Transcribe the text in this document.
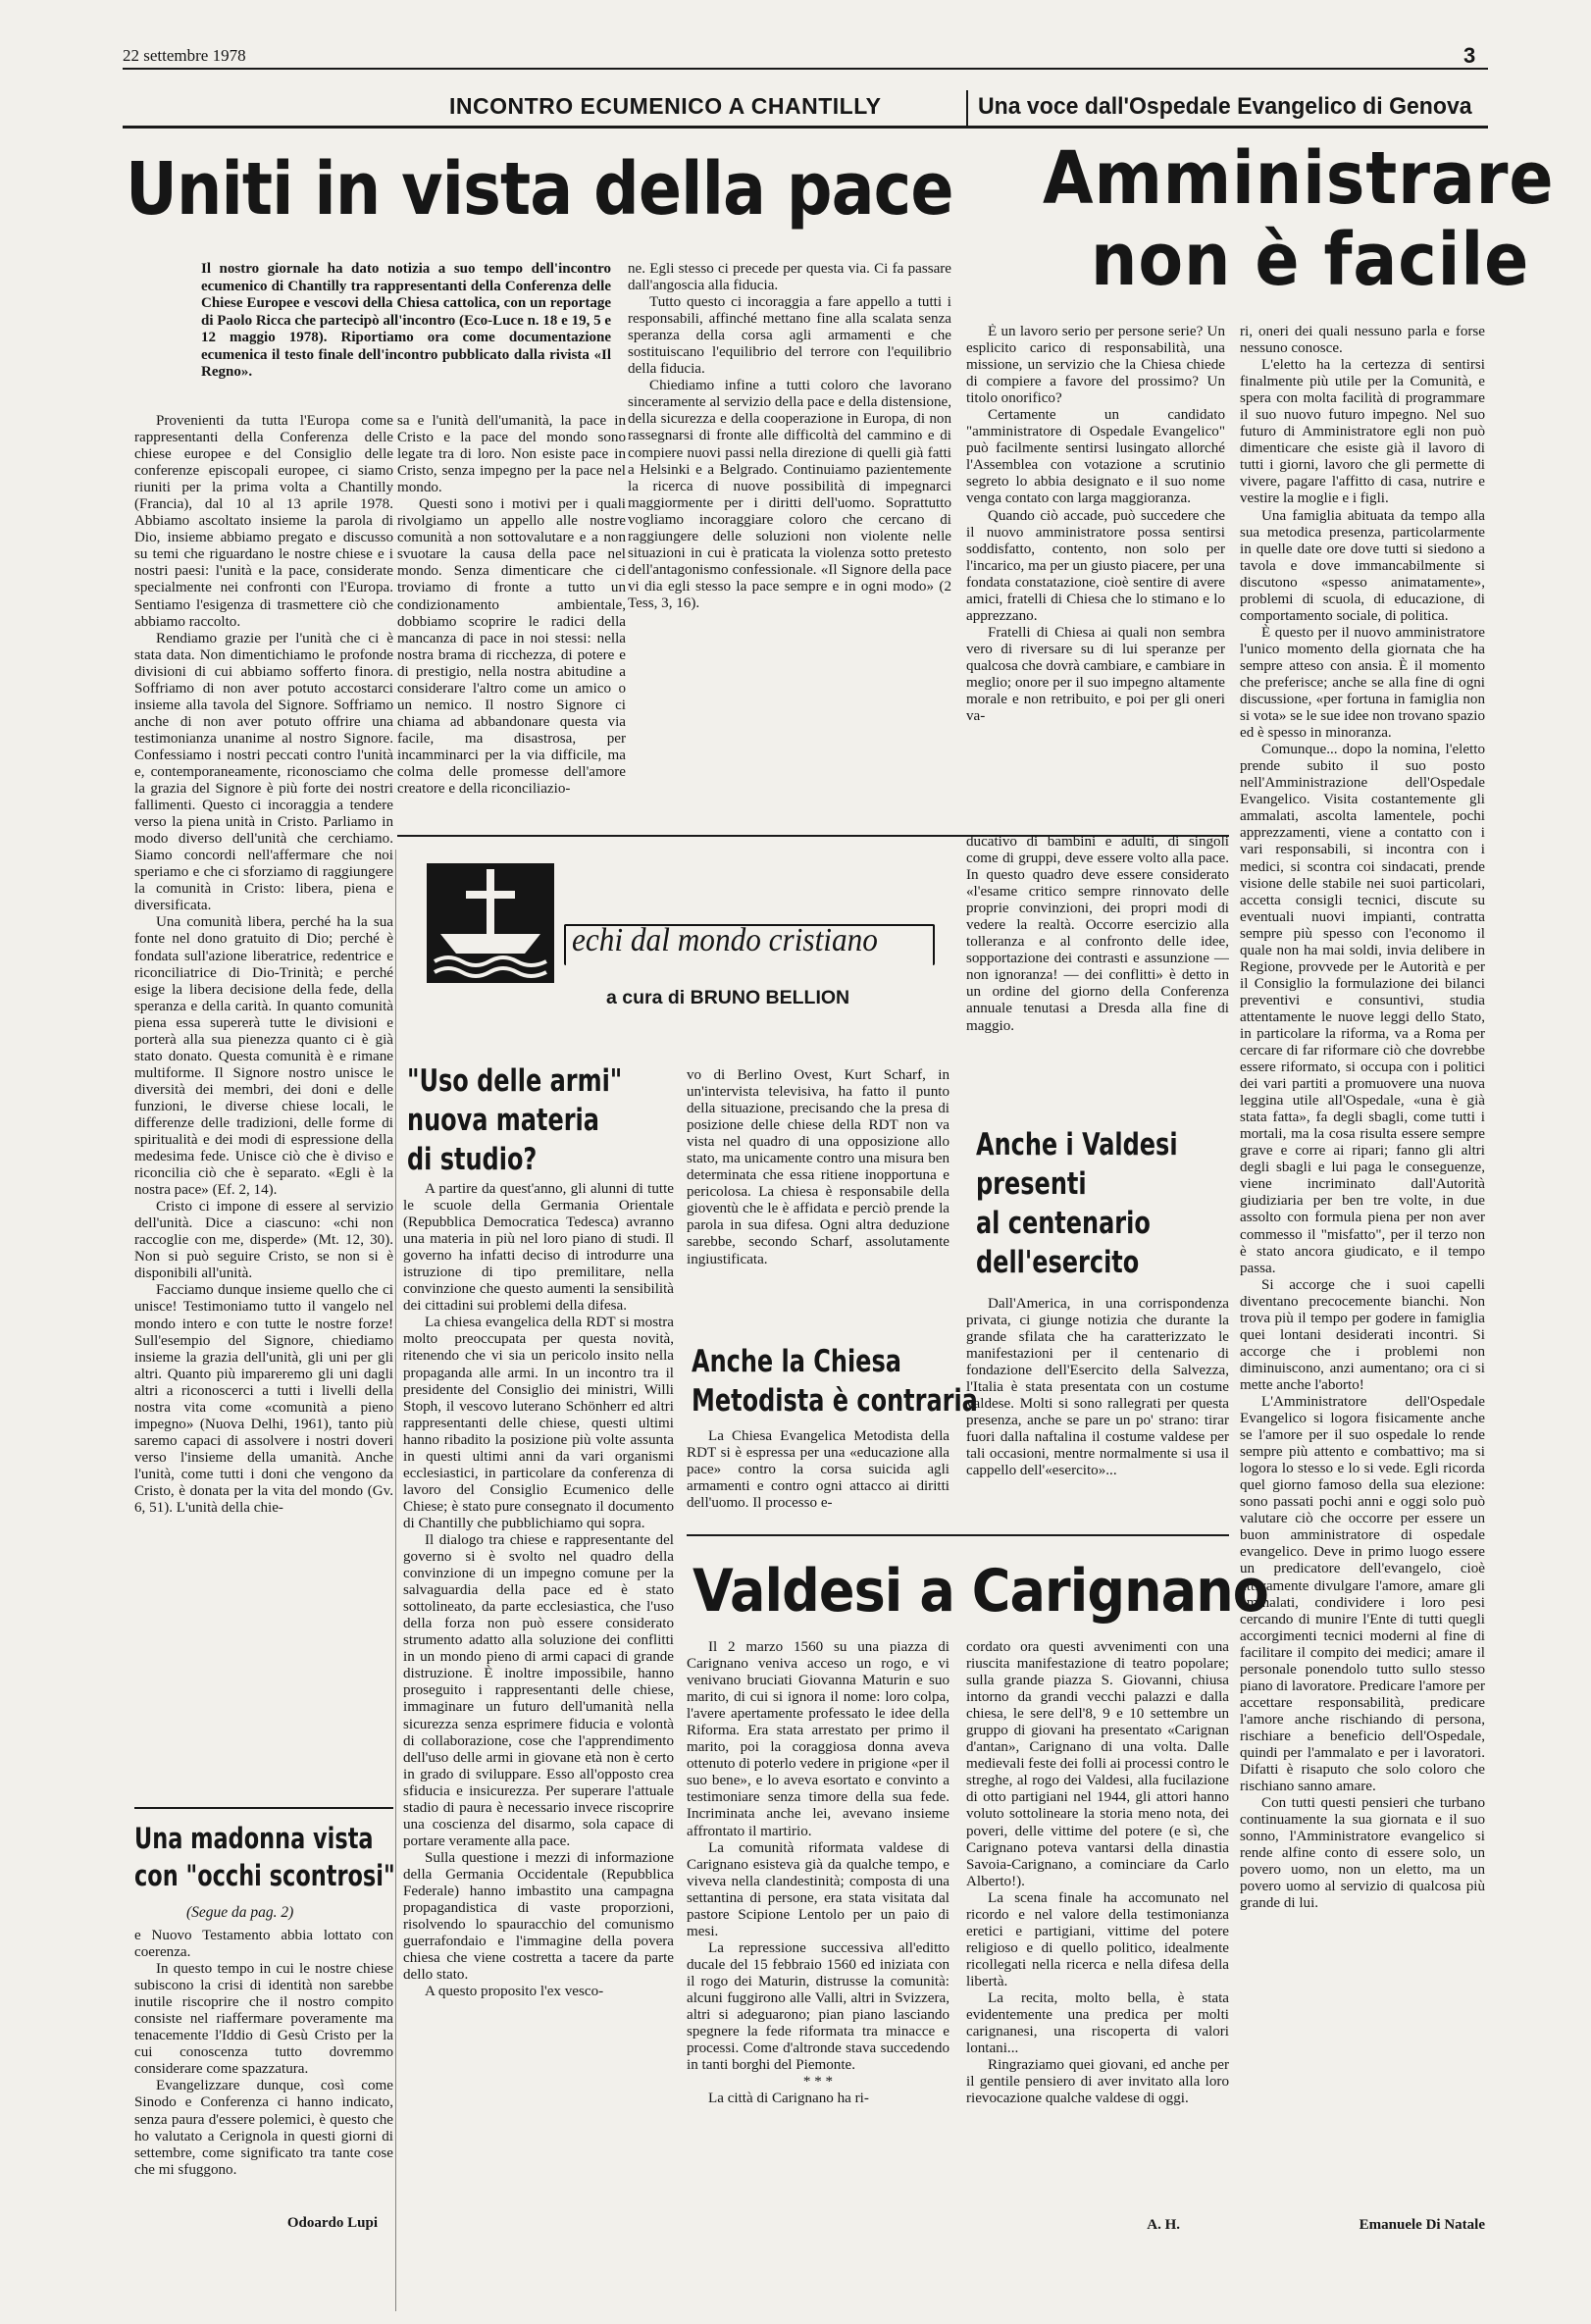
22 settembre 1978	3
INCONTRO ECUMENICO A CHANTILLY	Una voce dall'Ospedale Evangelico di Genova
Uniti in vista della pace
Il nostro giornale ha dato notizia a suo tempo dell'incontro ecumenico di Chantilly tra rappresentanti della Conferenza delle Chiese Europee e vescovi della Chiesa cattolica, con un reportage di Paolo Ricca che partecipò all'incontro (Eco-Luce n. 18 e 19, 5 e 12 maggio 1978). Riportiamo ora come documentazione ecumenica il testo finale dell'incontro pubblicato dalla rivista «Il Regno».

ne. Egli stesso ci precede per questa via. Ci fa passare dall'angoscia alla fiducia.

Tutto questo ci incoraggia a fare appello a tutti i responsabili, affinché mettano fine alla scalata senza speranza della corsa agli armamenti e che sostituiscano l'equilibrio del terrore con l'equilibrio della fiducia.

Chiediamo infine a tutti coloro che lavorano sinceramente al servizio della pace e della distensione, della sicurezza e della cooperazione in Europa, di non rassegnarsi di fronte alle difficoltà del cammino e di compiere nuovi passi nella direzione di quelli già fatti a Helsinki e a Belgrado. Continuiamo pazientemente la ricerca di nuove possibilità di impegnarci maggiormente per i diritti dell'uomo. Soprattutto vogliamo incoraggiare coloro che cercano di raggiungere delle soluzioni non violente nelle situazioni in cui è praticata la violenza sotto pretesto dell'antagonismo confessionale. «Il Signore della pace vi dia egli stesso la pace sempre e in ogni modo» (2 Tess, 3, 16).

Provenienti da tutta l'Europa come rappresentanti della Conferenza delle chiese europee e del Consiglio delle conferenze episcopali europee, ci siamo riuniti per la prima volta a Chantilly (Francia), dal 10 al 13 aprile 1978. Abbiamo ascoltato insieme la parola di Dio, insieme abbiamo pregato e discusso su temi che riguardano le nostre chiese e i nostri paesi: l'unità e la pace, considerate specialmente nei confronti con l'Europa. Sentiamo l'esigenza di trasmettere ciò che abbiamo raccolto.

Rendiamo grazie per l'unità che ci è stata data. Non dimentichiamo le profonde divisioni di cui abbiamo sofferto finora. Soffriamo di non aver potuto accostarci insieme alla tavola del Signore. Soffriamo anche di non aver potuto offrire una testimonianza unanime al nostro Signore. Confessiamo i nostri peccati contro l'unità e, contemporaneamente, riconosciamo che la grazia del Signore è più forte dei nostri fallimenti. Questo ci incoraggia a tendere verso la piena unità in Cristo. Parliamo in modo diverso dell'unità che cerchiamo. Siamo concordi nell'affermare che noi speriamo e che ci sforziamo di raggiungere la comunità in Cristo: libera, piena e diversificata.

Una comunità libera, perché ha la sua fonte nel dono gratuito di Dio; perché è fondata sull'azione liberatrice, redentrice e riconciliatrice di Dio-Trinità; e perché esige la libera decisione della fede, della speranza e della carità. In quanto comunità piena essa supererà tutte le divisioni e porterà alla sua pienezza quanto ci è già stato donato. Questa comunità è e rimane multiforme. Il Signore nostro unisce le diversità dei membri, dei doni e delle funzioni, le diverse chiese locali, le differenze delle tradizioni, delle forme di spiritualità e dei modi di espressione della medesima fede. Unisce ciò che è diviso e riconcilia ciò che è separato. «Egli è la nostra pace» (Ef. 2, 14).

Cristo ci impone di essere al servizio dell'unità. Dice a ciascuno: «chi non raccoglie con me, disperde» (Mt. 12, 30). Non si può seguire Cristo, se non si è disponibili all'unità.

Facciamo dunque insieme quello che ci unisce! Testimoniamo tutto il vangelo nel mondo intero e con tutte le nostre forze! Sull'esempio del Signore, chiediamo insieme la grazia dell'unità, gli uni per gli altri. Quanto più impareremo gli uni dagli altri a riconoscerci a tutti i livelli della nostra vita come «comunità a pieno impegno» (Nuova Delhi, 1961), tanto più saremo capaci di assolvere i nostri doveri verso l'insieme della umanità. Anche l'unità, come tutti i doni che vengono da Cristo, è donata per la vita del mondo (Gv. 6, 51). L'unità della chie-

sa e l'unità dell'umanità, la pace in Cristo e la pace del mondo sono legate tra di loro. Non esiste pace in Cristo, senza impegno per la pace nel mondo.

Questi sono i motivi per i quali rivolgiamo un appello alle nostre comunità a non sottovalutare e a non svuotare la causa della pace nel mondo. Senza dimenticare che ci troviamo di fronte a tutto un condizionamento ambientale, dobbiamo scoprire le radici della mancanza di pace in noi stessi: nella nostra brama di ricchezza, di potere e di prestigio, nella nostra abitudine a considerare l'altro come un amico o un nemico. Il nostro Signore ci chiama ad abbandonare questa via facile, ma disastrosa, per incamminarci per la via difficile, ma colma delle promesse dell'amore creatore e della riconciliazio-

Amministrare
non è facile

È un lavoro serio per persone serie? Un esplicito carico di responsabilità, una missione, un servizio che la Chiesa chiede di compiere a favore del prossimo? Un titolo onorifico?

Certamente un candidato "amministratore di Ospedale Evangelico" può facilmente sentirsi lusingato allorché l'Assemblea con votazione a scrutinio segreto lo abbia designato e il suo nome venga contato con larga maggioranza.

Quando ciò accade, può succedere che il nuovo amministratore possa sentirsi soddisfatto, contento, non solo per l'incarico, ma per un giusto piacere, per una fondata constatazione, cioè sentire di avere amici, fratelli di Chiesa che lo stimano e lo apprezzano.

Fratelli di Chiesa ai quali non sembra vero di riversare su di lui speranze per qualcosa che dovrà cambiare, e cambiare in meglio; onore per il suo impegno altamente morale e non retribuito, e poi per gli oneri va-

ri, oneri dei quali nessuno parla e forse nessuno conosce.

L'eletto ha la certezza di sentirsi finalmente più utile per la Comunità, e spera con molta facilità di programmare il suo nuovo futuro impegno. Nel suo futuro di Amministratore egli non può dimenticare che esiste già il lavoro di tutti i giorni, lavoro che gli permette di vivere, pagare l'affitto di casa, nutrire e vestire la moglie e i figli.

Una famiglia abituata da tempo alla sua metodica presenza, particolarmente in quelle date ore dove tutti si siedono a tavola e dove immancabilmente si discutono «spesso animatamente», problemi di scuola, di educazione, di comportamento sociale, di politica.

È questo per il nuovo amministratore l'unico momento della giornata che ha sempre atteso con ansia. È il momento che preferisce; anche se alla fine di ogni discussione, «per fortuna in famiglia non si vota» se le sue idee non trovano spazio ed è spesso in minoranza.

Comunque... dopo la nomina, l'eletto prende subito il suo posto nell'Amministrazione dell'Ospedale Evangelico. Visita costantemente gli ammalati, ascolta lamentele, pochi apprezzamenti, viene a contatto con i vari responsabili, si incontra con i medici, si scontra coi sindacati, prende visione delle stabile nei suoi particolari, accetta consigli tecnici, discute su eventuali nuovi impianti, contratta sempre più spesso con l'economo il quale non ha mai soldi, invia delibere in Regione, provvede per le Autorità e per il Consiglio la formulazione dei bilanci preventivi e consuntivi, studia attentamente le nuove leggi dello Stato, in particolare la riforma, va a Roma per cercare di far riformare ciò che dovrebbe essere riformato, si occupa con i politici dei vari partiti a promuovere una nuova leggina utile all'Ospedale, «una è già stata fatta», fa degli sbagli, come tutti i mortali, ma la cosa risulta essere sempre grave e corre ai ripari; fanno gli altri degli sbagli e lui paga le conseguenze, viene incriminato dall'Autorità giudiziaria per ben tre volte, in due assolto con formula piena per non aver commesso il "misfatto", per il terzo non è stato ancora giudicato, e il tempo passa.

Si accorge che i suoi capelli diventano precocemente bianchi. Non trova più il tempo per godere in famiglia quei lontani desiderati incontri. Si accorge che i problemi non diminuiscono, anzi aumentano; ora ci si mette anche l'aborto!

L'Amministratore dell'Ospedale Evangelico si logora fisicamente anche se l'amore per il suo ospedale lo rende sempre più attento e combattivo; ma si logora lo stesso e lo si vede. Egli ricorda quel giorno famoso della sua elezione: sono passati pochi anni e oggi solo può valutare ciò che occorre per essere un buon amministratore di ospedale evangelico. Deve in primo luogo essere un predicatore dell'evangelo, cioè attivamente divulgare l'amore, amare gli ammalati, condividere i loro pesi cercando di munire l'Ente di tutti quegli accorgimenti tecnici moderni al fine di facilitare il compito dei medici; amare il personale ponendolo tutto sullo stesso piano di lavoratore. Predicare l'amore per accettare responsabilità, predicare l'amore anche rischiando di persona, rischiare a beneficio dell'Ospedale, quindi per l'ammalato e per i lavoratori. Difatti è risaputo che solo coloro che rischiano sanno amare.

Con tutti questi pensieri che turbano continuamente la sua giornata e il suo sonno, l'Amministratore evangelico si rende alfine conto di essere solo, un povero uomo, non un eletto, ma un povero uomo al servizio di qualcosa più grande di lui.

Emanuele Di Natale
echi dal mondo cristiano
a cura di BRUNO BELLION

ducativo di bambini e adulti, di singoli come di gruppi, deve essere volto alla pace. In questo quadro deve essere considerato «l'esame critico sempre rinnovato delle proprie convinzioni, dei propri modi di vedere la realtà. Occorre esercizio alla tolleranza e al confronto delle idee, sopportazione dei contrasti e assunzione — non ignoranza! — dei conflitti» è detto in un ordine del giorno della Conferenza annuale tenutasi a Dresda alla fine di maggio.

"Uso delle armi"
nuova materia
di studio?

A partire da quest'anno, gli alunni di tutte le scuole della Germania Orientale (Repubblica Democratica Tedesca) avranno una materia in più nel loro piano di studi. Il governo ha infatti deciso di introdurre una istruzione di tipo premilitare, nella convinzione che questo aumenti la sensibilità dei cittadini sui problemi della difesa.

La chiesa evangelica della RDT si mostra molto preoccupata per questa novità, ritenendo che vi sia un pericolo insito nella propaganda alle armi. In un incontro tra il presidente del Consiglio dei ministri, Willi Stoph, il vescovo luterano Schönherr ed altri rappresentanti delle chiese, questi ultimi hanno ribadito la posizione più volte assunta in questi ultimi anni da vari organismi ecclesiastici, in particolare da conferenza di lavoro del Consiglio Ecumenico delle Chiese; è stato pure consegnato il documento di Chantilly che pubblichiamo qui sopra.

Il dialogo tra chiese e rappresentante del governo si è svolto nel quadro della convinzione di un impegno comune per la salvaguardia della pace ed è stato sottolineato, da parte ecclesiastica, che l'uso della forza non può essere considerato strumento adatto alla soluzione dei conflitti in un mondo pieno di armi capaci di grande distruzione. È inoltre impossibile, hanno proseguito i rappresentanti delle chiese, immaginare un futuro dell'umanità nella sicurezza senza esprimere fiducia e volontà di collaborazione, cose che l'apprendimento dell'uso delle armi in giovane età non è certo in grado di sviluppare. Esso all'opposto crea sfiducia e insicurezza. Per superare l'attuale stadio di paura è necessario invece riscoprire una coscienza del disarmo, sola capace di portare veramente alla pace.

Sulla questione i mezzi di informazione della Germania Occidentale (Repubblica Federale) hanno imbastito una campagna propagandistica di vaste proporzioni, risolvendo lo spauracchio del comunismo guerrafondaio e l'immagine della povera chiesa che viene costretta a tacere da parte dello stato.

A questo proposito l'ex vesco-

vo di Berlino Ovest, Kurt Scharf, in un'intervista televisiva, ha fatto il punto della situazione, precisando che la presa di posizione delle chiese della RDT non va vista nel quadro di una opposizione allo stato, ma unicamente contro una misura ben determinata che essa ritiene inopportuna e pericolosa. La chiesa è responsabile della gioventù che le è affidata e perciò prende la parola in sua difesa. Ogni altra deduzione sarebbe, secondo Scharf, assolutamente ingiustificata.

Anche la Chiesa
Metodista è contraria

La Chiesa Evangelica Metodista della RDT si è espressa per una «educazione alla pace» contro la corsa suicida agli armamenti e contro ogni attacco ai diritti dell'uomo. Il processo e-

Anche i Valdesi
presenti
al centenario
dell'esercito

Dall'America, in una corrispondenza privata, ci giunge notizia che durante la grande sfilata che ha caratterizzato le manifestazioni per il centenario di fondazione dell'Esercito della Salvezza, l'Italia è stata presentata con un costume valdese. Molti si sono rallegrati per questa presenza, anche se pare un po' strano: tirar fuori dalla naftalina il costume valdese per tali occasioni, mentre normalmente si usa il cappello dell'«esercito»...

Valdesi a Carignano

Il 2 marzo 1560 su una piazza di Carignano veniva acceso un rogo, e vi venivano bruciati Giovanna Maturin e suo marito, di cui si ignora il nome: loro colpa, l'avere apertamente professato le idee della Riforma. Era stata arrestato per primo il marito, poi la coraggiosa donna aveva ottenuto di poterlo vedere in prigione «per il suo bene», e lo aveva esortato e convinto a testimoniare senza timore della sua fede. Incriminata anche lei, avevano insieme affrontato il martirio.

La comunità riformata valdese di Carignano esisteva già da qualche tempo, e viveva nella clandestinità; composta di una settantina di persone, era stata visitata dal pastore Scipione Lentolo per un paio di mesi.

La repressione successiva all'editto ducale del 15 febbraio 1560 ed iniziata con il rogo dei Maturin, distrusse la comunità: alcuni fuggirono alle Valli, altri in Svizzera, altri si adeguarono; pian piano lasciando spegnere la fede riformata tra minacce e processi. Come d'altronde stava succedendo in tanti borghi del Piemonte.

* * *

La città di Carignano ha ri-

cordato ora questi avvenimenti con una riuscita manifestazione di teatro popolare; sulla grande piazza S. Giovanni, chiusa intorno da grandi vecchi palazzi e dalla chiesa, le sere dell'8, 9 e 10 settembre un gruppo di giovani ha presentato «Carignan d'antan», Carignano di una volta. Dalle medievali feste dei folli ai processi contro le streghe, al rogo dei Valdesi, alla fucilazione di otto partigiani nel 1944, gli attori hanno voluto sottolineare la storia meno nota, dei poveri, delle vittime del potere (e sì, che Carignano poteva vantarsi della dinastia Savoia-Carignano, a cominciare da Carlo Alberto!).

La scena finale ha accomunato nel ricordo e nel valore della testimonianza eretici e partigiani, vittime del potere religioso e di quello politico, idealmente ricollegati nella ricerca e nella difesa della libertà.

La recita, molto bella, è stata evidentemente una predica per molti carignanesi, una riscoperta di valori lontani...

Ringraziamo quei giovani, ed anche per il gentile pensiero di aver invitato alla loro rievocazione qualche valdese di oggi.

A. H.
Una madonna vista
con "occhi scontrosi"
(Segue da pag. 2)

e Nuovo Testamento abbia lottato con coerenza.

In questo tempo in cui le nostre chiese subiscono la crisi di identità non sarebbe inutile riscoprire che il nostro compito consiste nel riaffermare poveramente ma tenacemente l'Iddio di Gesù Cristo per la cui conoscenza tutto dovremmo considerare come spazzatura.

Evangelizzare dunque, così come Sinodo e Conferenza ci hanno indicato, senza paura d'essere polemici, è questo che ho valutato a Cerignola in questi giorni di settembre, come significato tra tante cose che mi sfuggono.

Odoardo Lupi
